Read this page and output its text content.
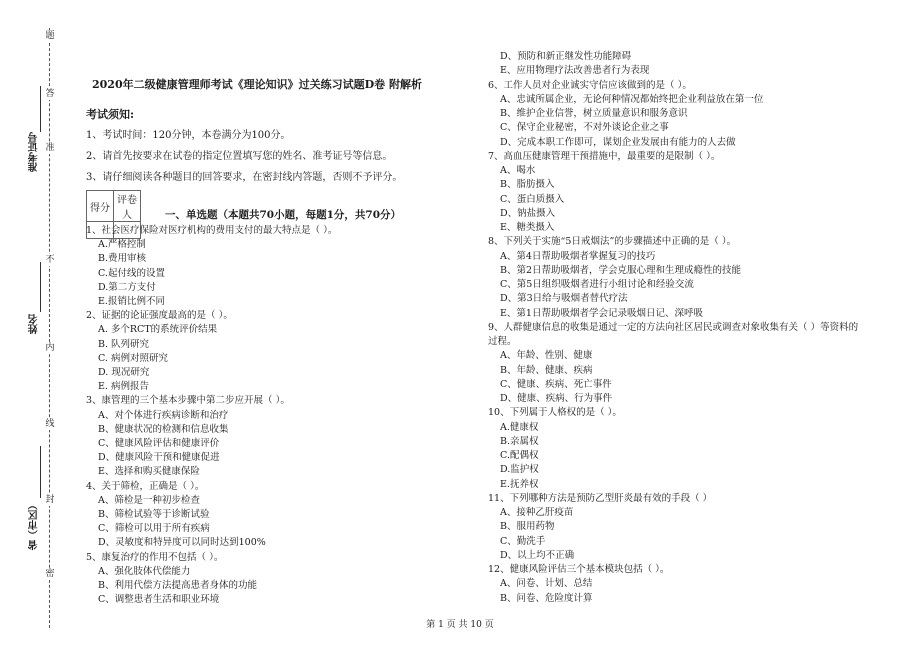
题
答
准
不
内
线
封
密
准考证号
姓名
省（市区）
2020年二级健康管理师考试《理论知识》过关练习试题D卷 附解析
考试须知:
1、考试时间：120分钟，本卷满分为100分。
2、请首先按要求在试卷的指定位置填写您的姓名、准考证号等信息。
3、请仔细阅读各种题目的回答要求，在密封线内答题，否则不予评分。
得分	评卷人
		一、单选题（本题共70小题，每题1分，共70分）
1、社会医疗保险对医疗机构的费用支付的最大特点是（ ）。
A.严格控制
B.费用审核
C.起付线的设置
D.第二方支付
E.报销比例不同
2、证据的论证强度最高的是（ ）。
A. 多个RCT的系统评价结果
B. 队列研究
C. 病例对照研究
D. 现况研究
E. 病例报告
3、康管理的三个基本步骤中第二步应开展（ ）。
A、对个体进行疾病诊断和治疗
B、健康状况的检测和信息收集
C、健康风险评估和健康评价
D、健康风险干预和健康促进
E、选择和购买健康保险
4、关于筛检，正确是（ ）。
A、筛检是一种初步检查
B、筛检试验等于诊断试验
C、筛检可以用于所有疾病
D、灵敏度和特异度可以同时达到100%
5、康复治疗的作用不包括（ ）。
A、强化肢体代偿能力
B、利用代偿方法提高患者身体的功能
C、调整患者生活和职业环境
D、预防和新正继发性功能障碍
E、应用物理疗法改善患者行为表现
6、工作人员对企业诚实守信应该做到的是（ ）。
A、忠诚所属企业，无论何种情况都始终把企业利益放在第一位
B、维护企业信誉，树立质量意识和服务意识
C、保守企业秘密，不对外谈论企业之事
D、完成本职工作即可，谋划企业发展由有能力的人去做
7、高血压健康管理干预措施中，最重要的是限制（ ）。
A、喝水
B、脂肪摄入
C、蛋白质摄入
D、钠盐摄入
E、糖类摄入
8、下列关于实施“5日戒烟法”的步骤描述中正确的是（ ）。
A、第4日帮助吸烟者掌握复习的技巧
B、第2日帮助吸烟者，学会克服心理和生理成瘾性的技能
C、第5日组织吸烟者进行小组讨论和经验交流
D、第3日给与吸烟者替代疗法
E、第1日帮助吸烟者学会记录吸烟日记、深呼吸
9、人群健康信息的收集是通过一定的方法向社区居民或调查对象收集有关（ ）等资料的
过程。
A、年龄、性别、健康
B、年龄、健康、疾病
C、健康、疾病、死亡事件
D、健康、疾病、行为事件
10、下列属于人格权的是（ ）。
A.健康权
B.亲属权
C.配偶权
D.监护权
E.抚养权
11、下列哪种方法是预防乙型肝炎最有效的手段（ ）
A、接种乙肝疫苗
B、服用药物
C、勤洗手
D、以上均不正确
12、健康风险评估三个基本模块包括（ ）。
A、问卷、计划、总结
B、问卷、危险度计算
第 1 页 共 10 页
